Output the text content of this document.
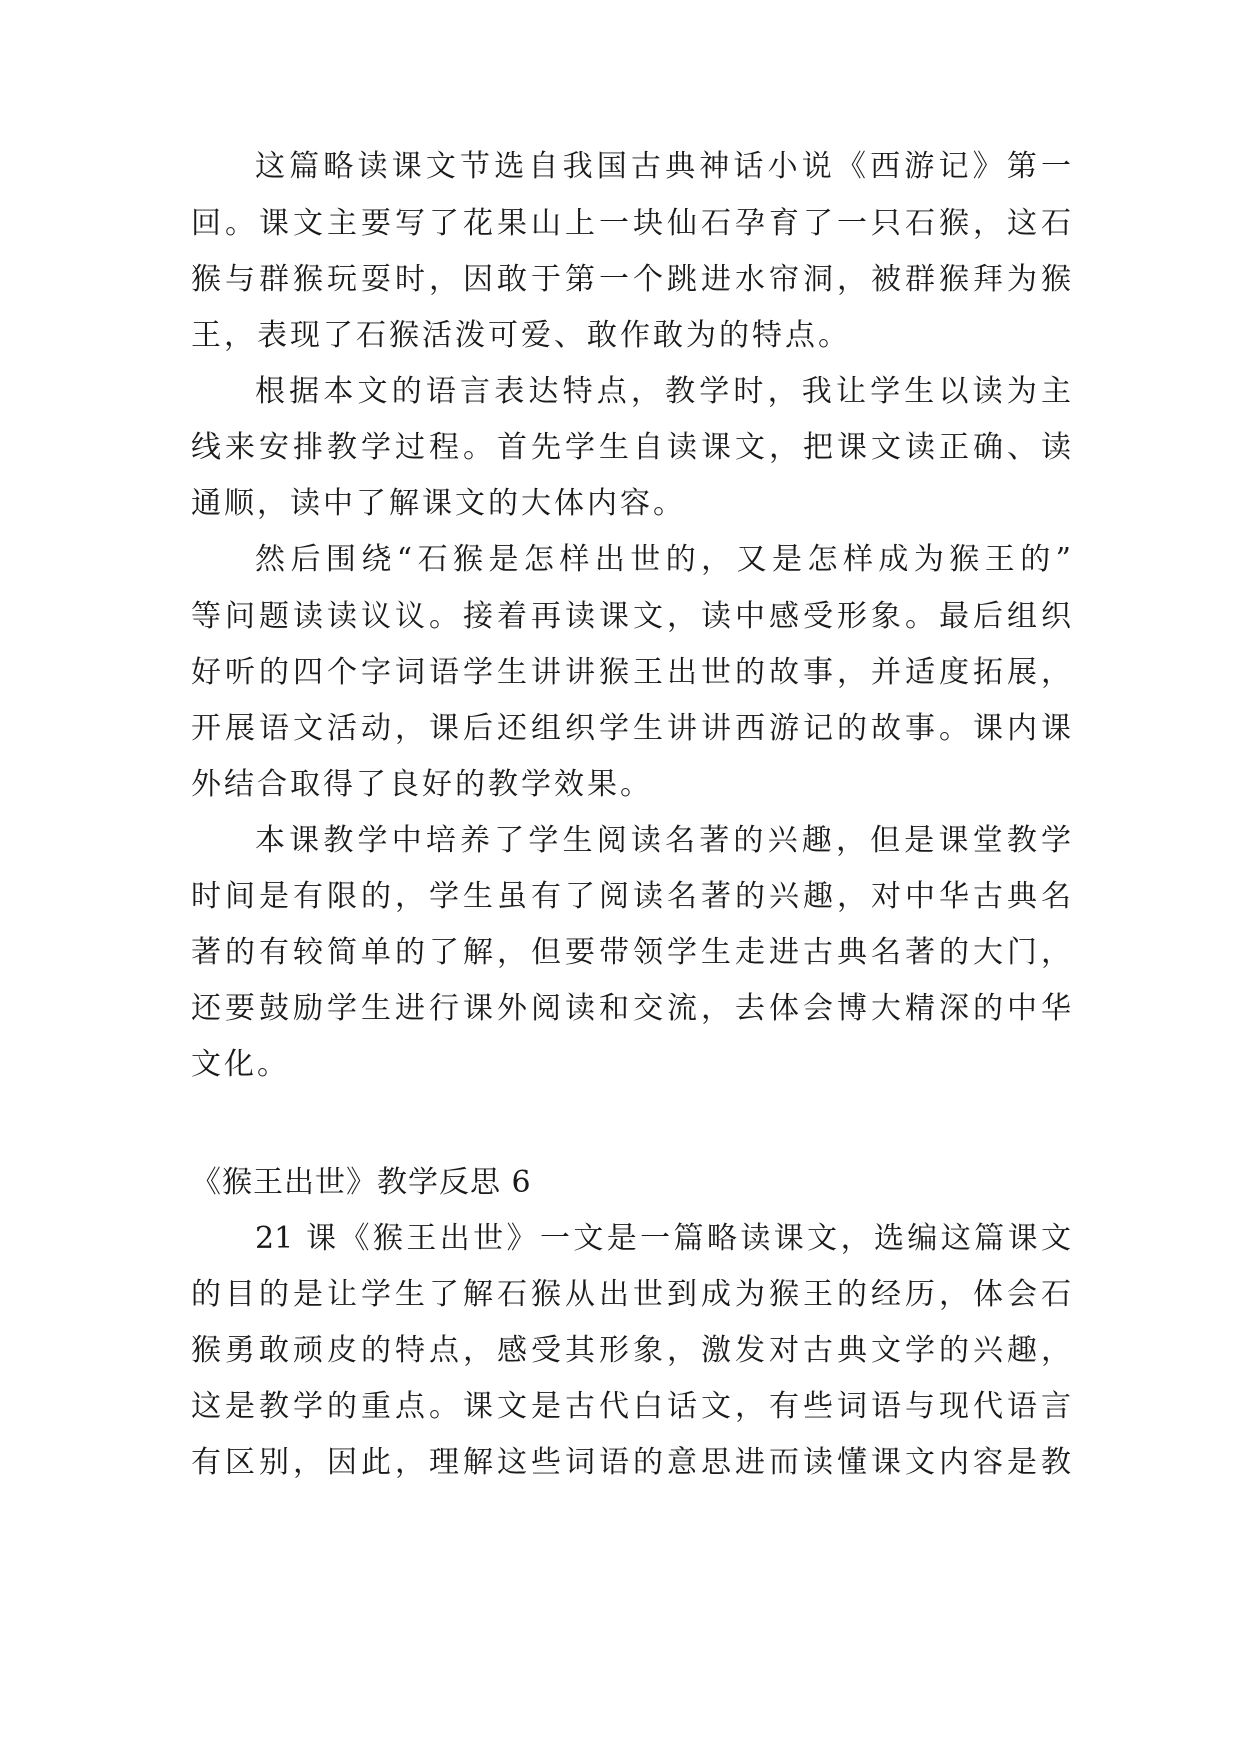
这篇略读课文节选自我国古典神话小说《西游记》第一
回。课文主要写了花果山上一块仙石孕育了一只石猴，这石
猴与群猴玩耍时，因敢于第一个跳进水帘洞，被群猴拜为猴
王，表现了石猴活泼可爱、敢作敢为的特点。
根据本文的语言表达特点，教学时，我让学生以读为主
线来安排教学过程。首先学生自读课文，把课文读正确、读
通顺，读中了解课文的大体内容。
然后围绕“石猴是怎样出世的，又是怎样成为猴王的”
等问题读读议议。接着再读课文，读中感受形象。最后组织
好听的四个字词语学生讲讲猴王出世的故事，并适度拓展，
开展语文活动，课后还组织学生讲讲西游记的故事。课内课
外结合取得了良好的教学效果。
本课教学中培养了学生阅读名著的兴趣，但是课堂教学
时间是有限的，学生虽有了阅读名著的兴趣，对中华古典名
著的有较简单的了解，但要带领学生走进古典名著的大门，
还要鼓励学生进行课外阅读和交流，去体会博大精深的中华
文化。
《猴王出世》教学反思 6
21 课《猴王出世》一文是一篇略读课文，选编这篇课文
的目的是让学生了解石猴从出世到成为猴王的经历，体会石
猴勇敢顽皮的特点，感受其形象，激发对古典文学的兴趣，
这是教学的重点。课文是古代白话文，有些词语与现代语言
有区别，因此，理解这些词语的意思进而读懂课文内容是教
